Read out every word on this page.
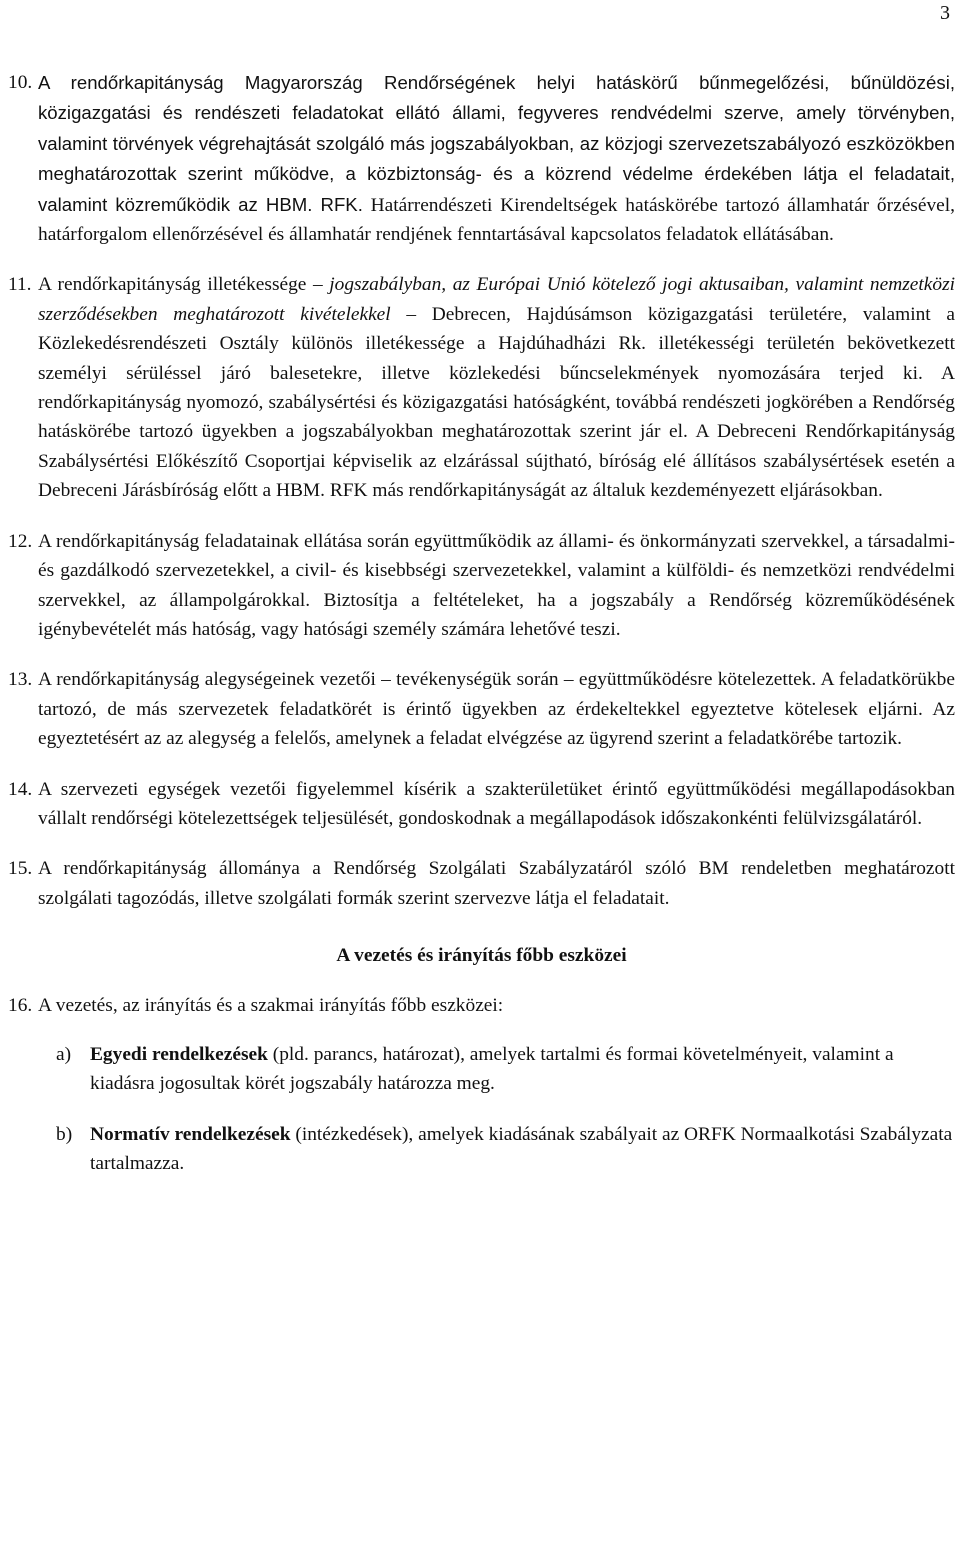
3
10. A rendőrkapitányság Magyarország Rendőrségének helyi hatáskörű bűnmegelőzési, bűnüldözési, közigazgatási és rendészeti feladatokat ellátó állami, fegyveres rendvédelmi szerve, amely törvényben, valamint törvények végrehajtását szolgáló más jogszabályokban, az közjogi szervezetszabályozó eszközökben meghatározottak szerint működve, a közbiztonság- és a közrend védelme érdekében látja el feladatait, valamint közreműködik az HBM. RFK. Határrendészeti Kirendeltségek hatáskörébe tartozó államhatár őrzésével, határforgalom ellenőrzésével és államhatár rendjének fenntartásával kapcsolatos feladatok ellátásában.
11. A rendőrkapitányság illetékessége – jogszabályban, az Európai Unió kötelező jogi aktusaiban, valamint nemzetközi szerződésekben meghatározott kivételekkel – Debrecen, Hajdúsámson közigazgatási területére, valamint a Közlekedésrendészeti Osztály különös illetékessége a Hajdúhadházi Rk. illetékességi területén bekövetkezett személyi sérüléssel járó balesetekre, illetve közlekedési bűncselekmények nyomozására terjed ki. A rendőrkapitányság nyomozó, szabálysértési és közigazgatási hatóságként, továbbá rendészeti jogkörében a Rendőrség hatáskörébe tartozó ügyekben a jogszabályokban meghatározottak szerint jár el. A Debreceni Rendőrkapitányság Szabálysértési Előkészítő Csoportjai képviselik az elzárással sújtható, bíróság elé állításos szabálysértések esetén a Debreceni Járásbíróság előtt a HBM. RFK más rendőrkapitányságát az általuk kezdeményezett eljárásokban.
12. A rendőrkapitányság feladatainak ellátása során együttműködik az állami- és önkormányzati szervekkel, a társadalmi- és gazdálkodó szervezetekkel, a civil- és kisebbségi szervezetekkel, valamint a külföldi- és nemzetközi rendvédelmi szervekkel, az állampolgárokkal. Biztosítja a feltételeket, ha a jogszabály a Rendőrség közreműködésének igénybevételét más hatóság, vagy hatósági személy számára lehetővé teszi.
13. A rendőrkapitányság alegységeinek vezetői – tevékenységük során – együttműködésre kötelezettek. A feladatkörükbe tartozó, de más szervezetek feladatkörét is érintő ügyekben az érdekeltekkel egyeztetve kötelesek eljárni. Az egyeztetésért az az alegység a felelős, amelynek a feladat elvégzése az ügyrend szerint a feladatkörébe tartozik.
14. A szervezeti egységek vezetői figyelemmel kísérik a szakterületüket érintő együttműködési megállapodásokban vállalt rendőrségi kötelezettségek teljesülését, gondoskodnak a megállapodások időszakonkénti felülvizsgálatáról.
15. A rendőrkapitányság állománya a Rendőrség Szolgálati Szabályzatáról szóló BM rendeletben meghatározott szolgálati tagozódás, illetve szolgálati formák szerint szervezve látja el feladatait.
A vezetés és irányítás főbb eszközei
16. A vezetés, az irányítás és a szakmai irányítás főbb eszközei:
a) Egyedi rendelkezések (pld. parancs, határozat), amelyek tartalmi és formai követelményeit, valamint a kiadásra jogosultak körét jogszabály határozza meg.
b) Normatív rendelkezések (intézkedések), amelyek kiadásának szabályait az ORFK Normaalkotási Szabályzata tartalmazza.
